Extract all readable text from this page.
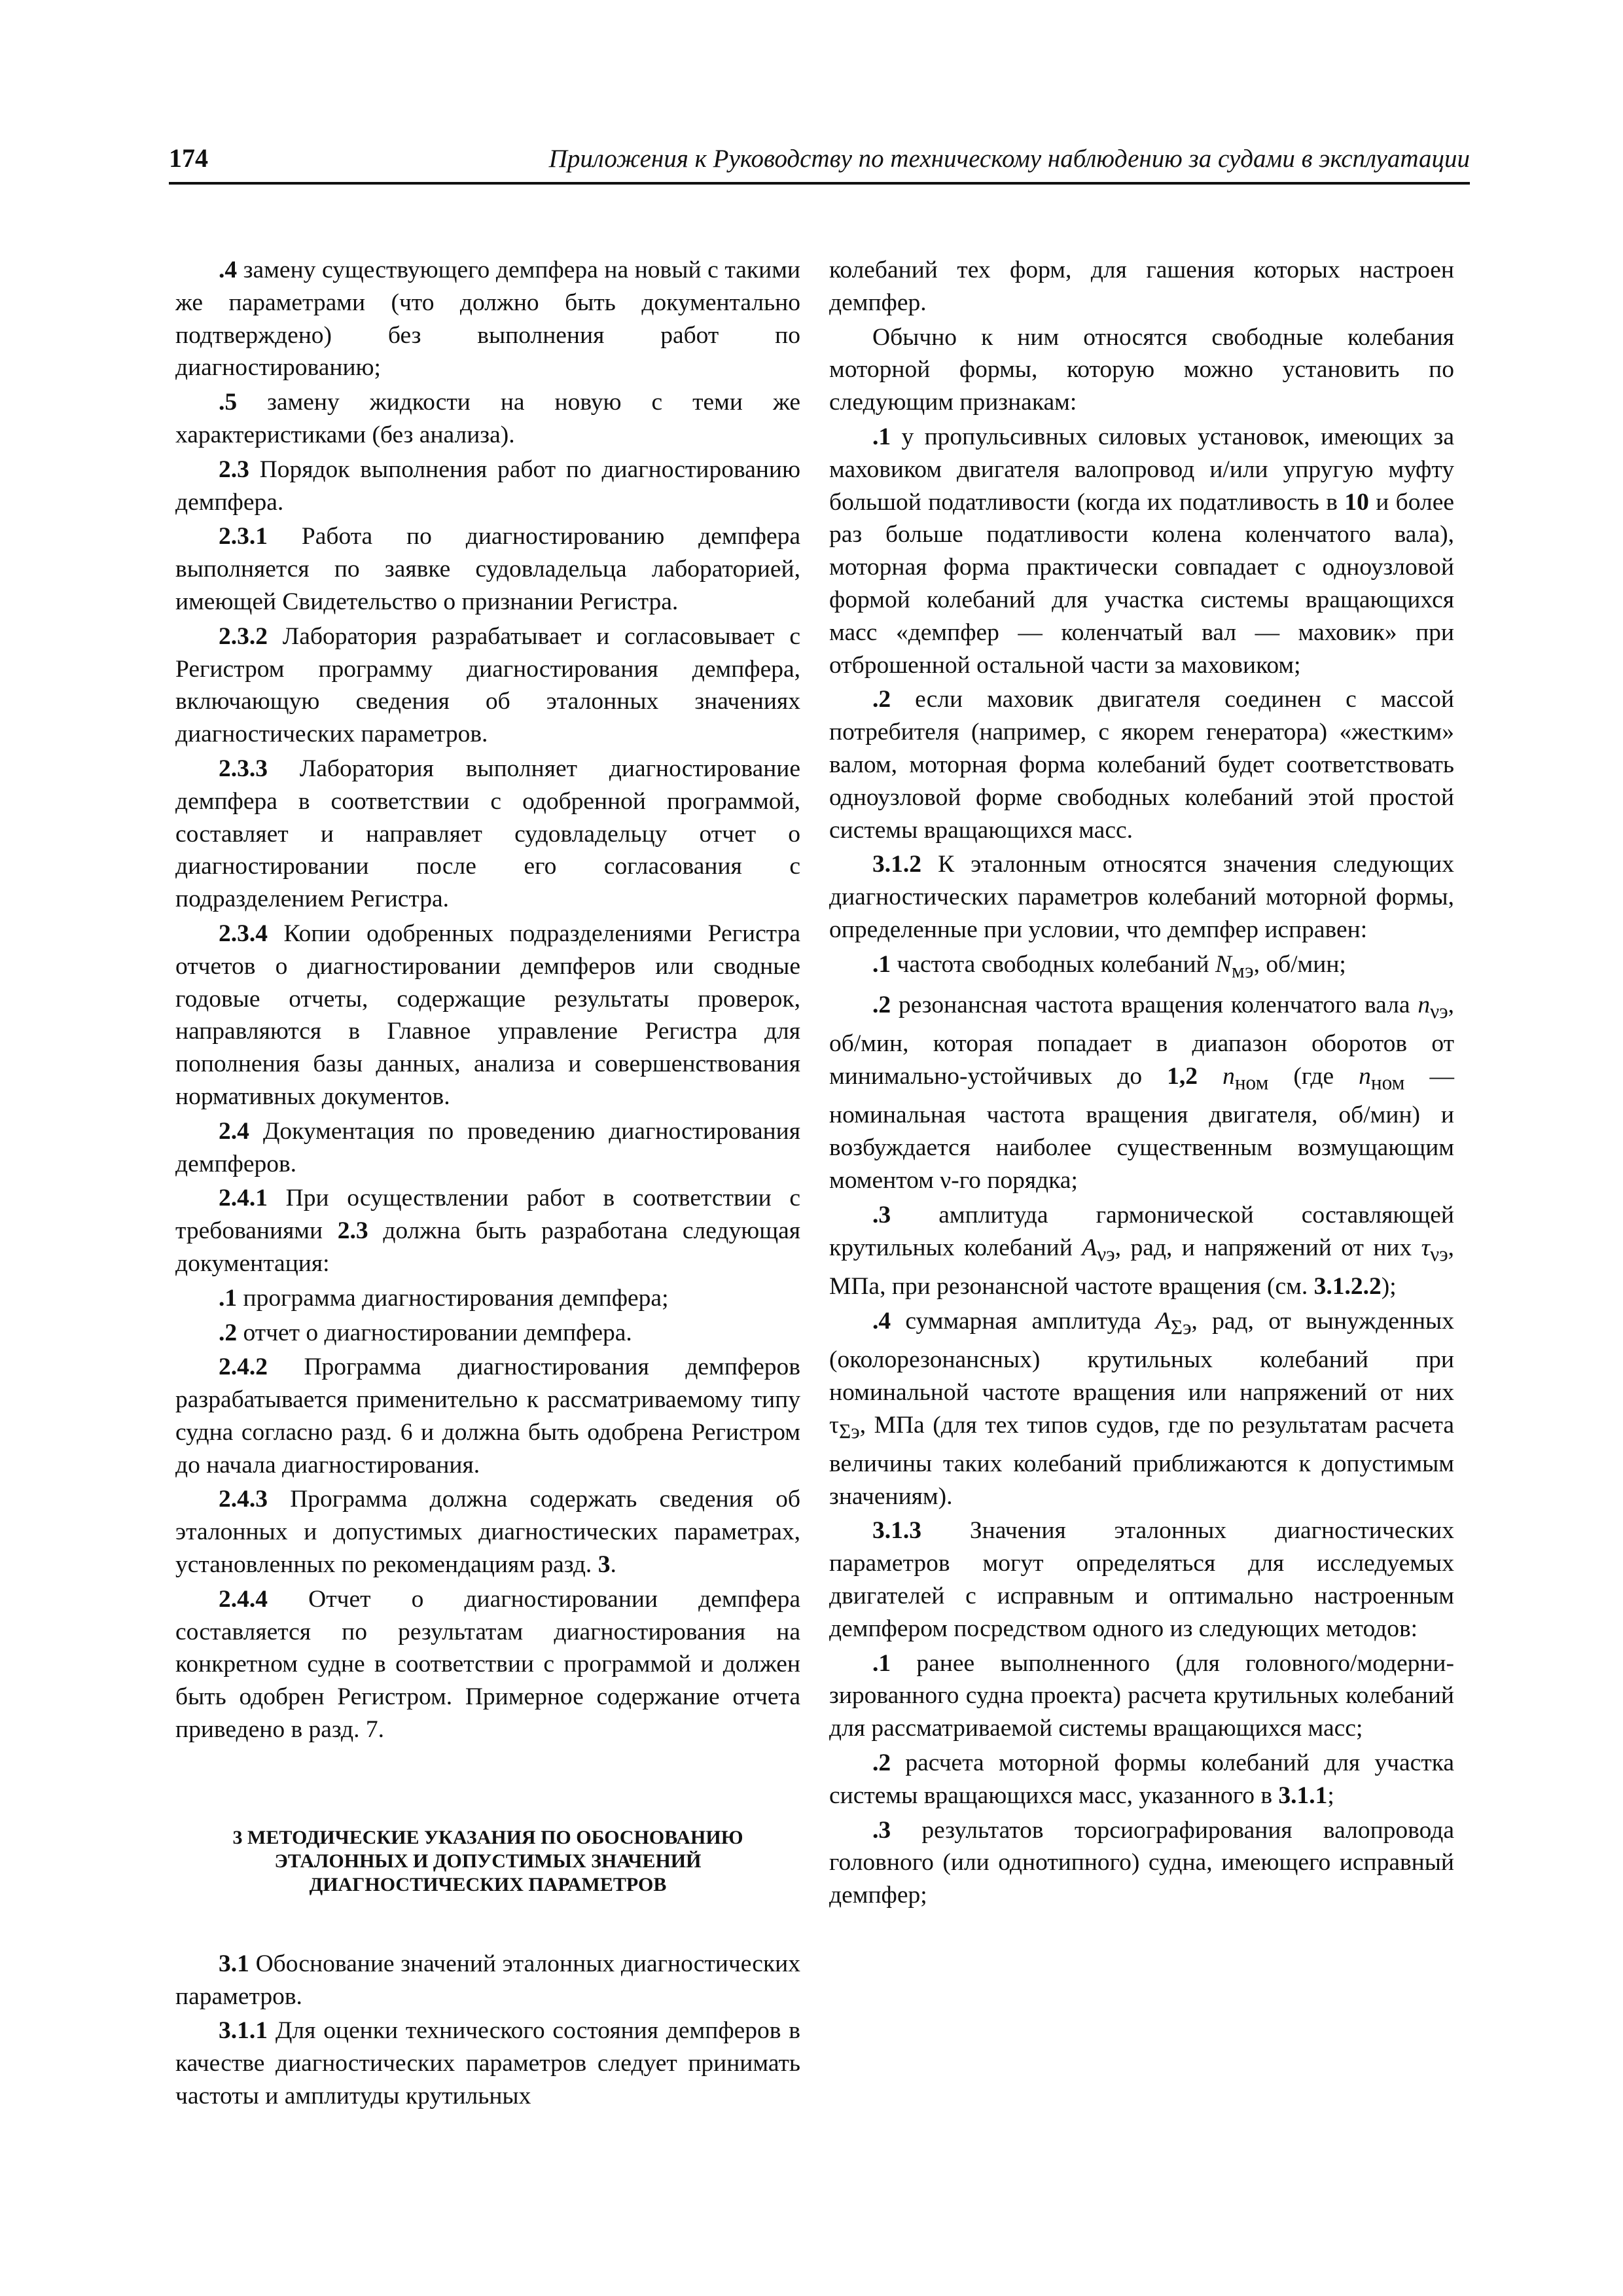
174	Приложения к Руководству по техническому наблюдению за судами в эксплуатации

.4 замену существующего демпфера на новый с такими же параметрами (что должно быть документально подтверждено) без выполнения работ по диагностированию;

.5 замену жидкости на новую с теми же характеристиками (без анализа).

2.3 Порядок выполнения работ по диагностированию демпфера.

2.3.1 Работа по диагностированию демпфера выполняется по заявке судовладельца лабораторией, имеющей Свидетельство о признании Регистра.

2.3.2 Лаборатория разрабатывает и согласовывает с Регистром программу диагностирования демпфера, включающую сведения об эталонных значениях диагностических параметров.

2.3.3 Лаборатория выполняет диагностирование демпфера в соответствии с одобренной программой, составляет и направляет судовладельцу отчет о диагностировании после его согласования с подразделением Регистра.

2.3.4 Копии одобренных подразделениями Регистра отчетов о диагностировании демпферов или сводные годовые отчеты, содержащие результаты проверок, направляются в Главное управление Регистра для пополнения базы данных, анализа и совершенствования нормативных документов.

2.4 Документация по проведению диагностирования демпферов.

2.4.1 При осуществлении работ в соответствии с требованиями 2.3 должна быть разработана следующая документация:

.1 программа диагностирования демпфера;

.2 отчет о диагностировании демпфера.

2.4.2 Программа диагностирования демпферов разрабатывается применительно к рассматриваемому типу судна согласно разд. 6 и должна быть одобрена Регистром до начала диагностирования.

2.4.3 Программа должна содержать сведения об эталонных и допустимых диагностических параметрах, установленных по рекомендациям разд. 3.

2.4.4 Отчет о диагностировании демпфера составляется по результатам диагностирования на конкретном судне в соответствии с программой и должен быть одобрен Регистром. Примерное содержание отчета приведено в разд. 7.

3 МЕТОДИЧЕСКИЕ УКАЗАНИЯ ПО ОБОСНОВАНИЮ
ЭТАЛОННЫХ И ДОПУСТИМЫХ ЗНАЧЕНИЙ
ДИАГНОСТИЧЕСКИХ ПАРАМЕТРОВ

3.1 Обоснование значений эталонных диагностических параметров.

3.1.1 Для оценки технического состояния демпферов в качестве диагностических параметров следует принимать частоты и амплитуды крутильных

колебаний тех форм, для гашения которых настроен демпфер.

Обычно к ним относятся свободные колебания моторной формы, которую можно установить по следующим признакам:

.1 у пропульсивных силовых установок, имеющих за маховиком двигателя валопровод и/или упругую муфту большой податливости (когда их податливость в 10 и более раз больше податливости колена коленчатого вала), моторная форма практически совпадает с одноузловой формой колебаний для участка системы вращающихся масс «демпфер — коленчатый вал — маховик» при отброшенной остальной части за маховиком;

.2 если маховик двигателя соединен с массой потребителя (например, с якорем генератора) «жестким» валом, моторная форма колебаний будет соответствовать одноузловой форме свободных колебаний этой простой системы вращающихся масс.

3.1.2 К эталонным относятся значения следующих диагностических параметров колебаний моторной формы, определенные при условии, что демпфер исправен:

.1 частота свободных колебаний $N_{мэ}$, об/мин;

.2 резонансная частота вращения коленчатого вала $n_{\nu э}$, об/мин, которая попадает в диапазон оборотов от минимально-устойчивых до 1,2 $n_{ном}$ (где $n_{ном}$ — номинальная частота вращения двигателя, об/мин) и возбуждается наиболее существенным возмущающим моментом ν-го порядка;

.3 амплитуда гармонической составляющей крутильных колебаний $A_{\nu э}$, рад, и напряжений от них $\tau_{\nu э}$, МПа, при резонансной частоте вращения (см. 3.1.2.2);

.4 суммарная амплитуда $A_{\Sigma э}$, рад, от вынужденных (околорезонансных) крутильных колебаний при номинальной частоте вращения или напряжений от них $\tau_{\Sigma э}$, МПа (для тех типов судов, где по результатам расчета величины таких колебаний приближаются к допустимым значениям).

3.1.3 Значения эталонных диагностических параметров могут определяться для исследуемых двигателей с исправным и оптимально настроенным демпфером посредством одного из следующих методов:

.1 ранее выполненного (для головного/модернизированного судна проекта) расчета крутильных колебаний для рассматриваемой системы вращающихся масс;

.2 расчета моторной формы колебаний для участка системы вращающихся масс, указанного в 3.1.1;

.3 результатов торсиографирования валопровода головного (или однотипного) судна, имеющего исправный демпфер;
